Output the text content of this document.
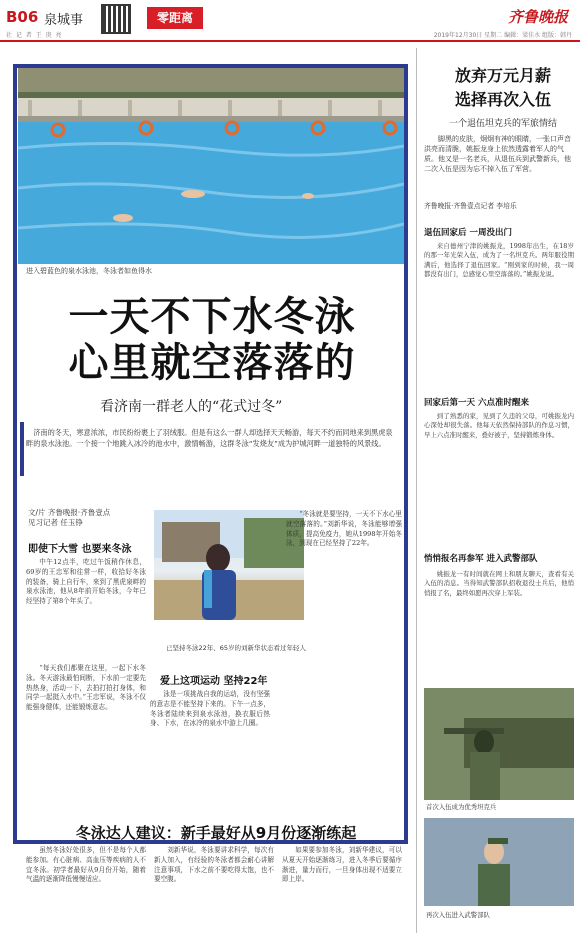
B06 泉城事
社 记 者 王 庚 亮
零距离	齐鲁晚报
2019年12月30日 星期二 编辑：梁佳水 组版：韩丹
进入碧蓝色的泉水泳池，冬泳者如鱼得水
一天不下水冬泳
心里就空落落的
看济南一群老人的“花式过冬”
济南的冬天，寒意浓浓，市民纷纷裹上了羽绒服。但是有这么一群人却选择天天畅游，每天不约而同地来到黑虎泉畔的泉水泳池。一个接一个地跳入冰冷的池水中，激情畅游，这群冬泳“发烧友”成为护城河畔一道独特的风景线。
文/片 齐鲁晚报·齐鲁壹点
见习记者 任玉铮
即使下大雪 也要来冬泳
中午12点半，吃过午饭稍作休息，69岁的王忠军和往常一样，收拾好冬泳的装备，骑上自行车，来到了黑虎泉畔的泉水泳池，他从8年前开始冬泳，今年已经坚持了第8个年头了。
“每天我们都聚在这里，一起下水冬泳。冬天游泳最怕间断，下水前一定要先热热身，活动一下，去拍打拍打身体，和同学一起挺入水中。”王忠军说，冬泳不仅能强身健体，还能锻炼意志。
已坚持冬泳22年、65岁的刘新华状态看过年轻人
爱上这项运动 坚持22年
泳是一项挑战自我的运动，没有坚强的意志是不能坚持下来的。下午一点多，冬泳者陆续来到泉水泳池，换衣服后热身、下水，在冰冷的泉水中游上几圈。
“冬泳就是要坚持，一天不下水心里就空落落的。”刘新华说，冬泳能够增强体质，提高免疫力，她从1998年开始冬泳，到现在已经坚持了22年。
冬泳达人建议：新手最好从9月份逐渐练起
虽然冬泳好处很多，但不是每个人都能参加。有心脏病、高血压等疾病的人不宜冬泳。初学者最好从9月份开始，随着气温的逐渐降低慢慢适应。
刘新华说，冬泳要讲求科学，每次有新人加入，有经验的冬泳者都会耐心讲解注意事项，下水之前不要吃得太饱，也不要空腹。
如果要参加冬泳，刘新华建议，可以从夏天开始逐渐练习，进入冬季后要循序渐进，量力而行，一旦身体出现不适要立即上岸。
放弃万元月薪
选择再次入伍
一个退伍坦克兵的军旅情结
脚黑的皮肤，炯炯有神的眼睛，一张口声音洪亮而清脆，姚振龙身上依然透露着军人的气质。他又是一名老兵，从退伍兵到武警新兵，他二次入伍是因为忘不掉入伍了军营。
齐鲁晚报·齐鲁壹点记者 李培乐
退伍回家后 一周没出门
来自德州宁津的姚振龙，1998年出生，在18岁的那一年光荣入伍，成为了一名坦克兵。两年服役期满后，他选择了退伍回家。“刚到家的时候，我一周都没有出门，总感觉心里空落落的。”姚振龙说。
回家后第一天 六点准时醒来
到了熟悉的家，见到了久违的父母，可姚振龙内心深处却很失落。他每天依然保持部队的作息习惯，早上六点准时醒来，叠好被子，坚持锻炼身体。
悄悄报名再参军 进入武警部队
姚振龙一有时间就在网上和朋友聊天，查看有关入伍的消息。当得知武警部队招收退役士兵后，他悄悄报了名，最终如愿再次穿上军装。
首次入伍成为优秀坦克兵
再次入伍进入武警部队
